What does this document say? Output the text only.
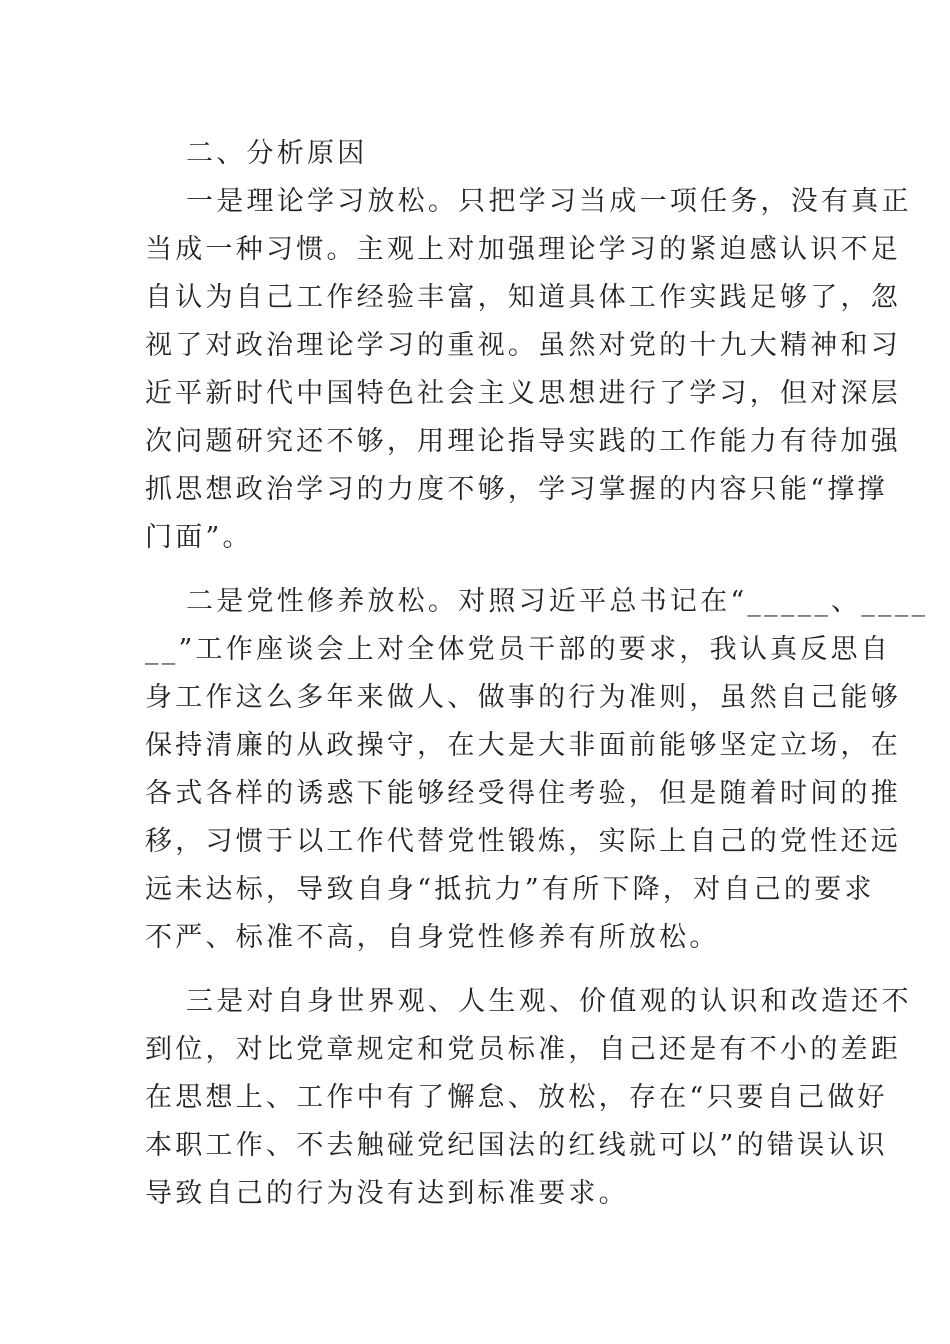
二、分析原因
一是理论学习放松。只把学习当成一项任务，没有真正
当成一种习惯。主观上对加强理论学习的紧迫感认识不足
自认为自己工作经验丰富，知道具体工作实践足够了，忽
视了对政治理论学习的重视。虽然对党的十九大精神和习
近平新时代中国特色社会主义思想进行了学习，但对深层
次问题研究还不够，用理论指导实践的工作能力有待加强
抓思想政治学习的力度不够，学习掌握的内容只能“撑撑
门面”。
二是党性修养放松。对照习近平总书记在“_____、____
__”工作座谈会上对全体党员干部的要求，我认真反思自
身工作这么多年来做人、做事的行为准则，虽然自己能够
保持清廉的从政操守，在大是大非面前能够坚定立场，在
各式各样的诱惑下能够经受得住考验，但是随着时间的推
移，习惯于以工作代替党性锻炼，实际上自己的党性还远
远未达标，导致自身“抵抗力”有所下降，对自己的要求
不严、标准不高，自身党性修养有所放松。
三是对自身世界观、人生观、价值观的认识和改造还不
到位，对比党章规定和党员标准，自己还是有不小的差距
在思想上、工作中有了懈怠、放松，存在“只要自己做好
本职工作、不去触碰党纪国法的红线就可以”的错误认识
导致自己的行为没有达到标准要求。
